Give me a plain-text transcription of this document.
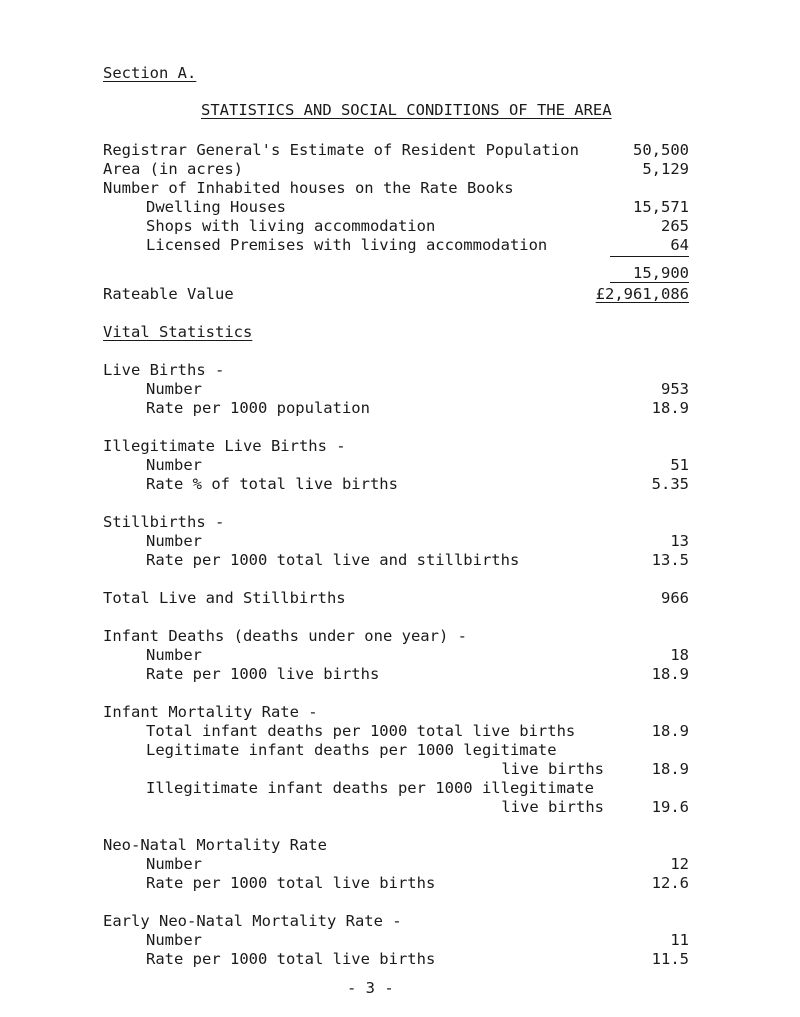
Section A.
STATISTICS AND SOCIAL CONDITIONS OF THE AREA
Registrar General's Estimate of Resident Population	50,500
Area (in acres)	5,129
Number of Inhabited houses on the Rate Books
Dwelling Houses	15,571
Shops with living accommodation	265
Licensed Premises with living accommodation	64
15,900
Rateable Value	£2,961,086
Vital Statistics
Live Births -
Number	953
Rate per 1000 population	18.9
Illegitimate Live Births -
Number	51
Rate % of total live births	5.35
Stillbirths -
Number	13
Rate per 1000 total live and stillbirths	13.5
Total Live and Stillbirths	966
Infant Deaths (deaths under one year) -
Number	18
Rate per 1000 live births	18.9
Infant Mortality Rate -
Total infant deaths per 1000 total live births	18.9
Legitimate infant deaths per 1000 legitimate
live births	18.9
Illegitimate infant deaths per 1000 illegitimate
live births	19.6
Neo-Natal Mortality Rate
Number	12
Rate per 1000 total live births	12.6
Early Neo-Natal Mortality Rate -
Number	11
Rate per 1000 total live births	11.5
- 3 -
